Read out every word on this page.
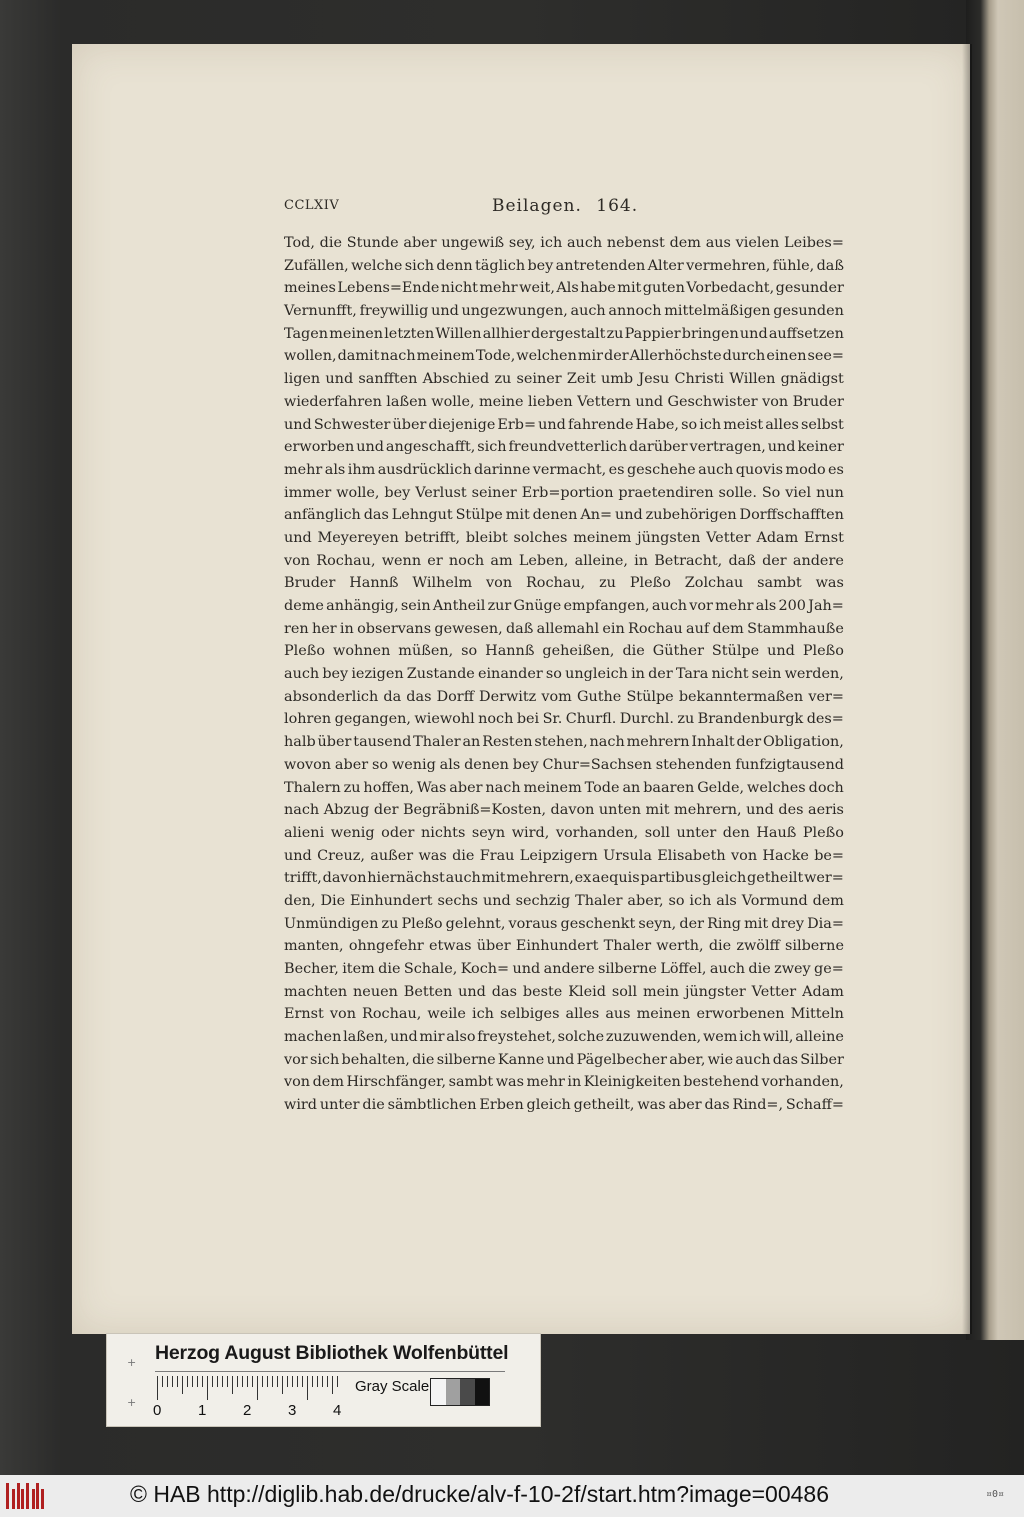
CCLXIV	Beilagen. 164.
Tod, die Stunde aber ungewiß sey, ich auch nebenst dem aus vielen Leibes=
Zufällen, welche sich denn täglich bey antretenden Alter vermehren, fühle, daß
meines Lebens=Ende nicht mehr weit, Als habe mit guten Vorbedacht, gesunder
Vernunfft, freywillig und ungezwungen, auch annoch mittelmäßigen gesunden
Tagen meinen letzten Willen allhier dergestalt zu Pappier bringen und auffsetzen
wollen, damit nach meinem Tode, welchen mir der Allerhöchste durch einen see=
ligen und sanfften Abschied zu seiner Zeit umb Jesu Christi Willen gnädigst
wiederfahren laßen wolle, meine lieben Vettern und Geschwister von Bruder
und Schwester über diejenige Erb= und fahrende Habe, so ich meist alles selbst
erworben und angeschafft, sich freundvetterlich darüber vertragen, und keiner
mehr als ihm ausdrücklich darinne vermacht, es geschehe auch quovis modo es
immer wolle, bey Verlust seiner Erb=portion praetendiren solle. So viel nun
anfänglich das Lehngut Stülpe mit denen An= und zubehörigen Dorffschafften
und Meyereyen betrifft, bleibt solches meinem jüngsten Vetter Adam Ernst
von Rochau, wenn er noch am Leben, alleine, in Betracht, daß der andere
Bruder Hannß Wilhelm von Rochau, zu Pleßo Zolchau sambt was
deme anhängig, sein Antheil zur Gnüge empfangen, auch vor mehr als 200 Jah=
ren her in observans gewesen, daß allemahl ein Rochau auf dem Stammhauße
Pleßo wohnen müßen, so Hannß geheißen, die Güther Stülpe und Pleßo
auch bey iezigen Zustande einander so ungleich in der Tara nicht sein werden,
absonderlich da das Dorff Derwitz vom Guthe Stülpe bekanntermaßen ver=
lohren gegangen, wiewohl noch bei Sr. Churfl. Durchl. zu Brandenburgk des=
halb über tausend Thaler an Resten stehen, nach mehrern Inhalt der Obligation,
wovon aber so wenig als denen bey Chur=Sachsen stehenden funfzigtausend
Thalern zu hoffen, Was aber nach meinem Tode an baaren Gelde, welches doch
nach Abzug der Begräbniß=Kosten, davon unten mit mehrern, und des aeris
alieni wenig oder nichts seyn wird, vorhanden, soll unter den Hauß Pleßo
und Creuz, außer was die Frau Leipzigern Ursula Elisabeth von Hacke be=
trifft, davon hiernächst auch mit mehrern, ex aequis partibus gleich getheilt wer=
den, Die Einhundert sechs und sechzig Thaler aber, so ich als Vormund dem
Unmündigen zu Pleßo gelehnt, voraus geschenkt seyn, der Ring mit drey Dia=
manten, ohngefehr etwas über Einhundert Thaler werth, die zwölff silberne
Becher, item die Schale, Koch= und andere silberne Löffel, auch die zwey ge=
machten neuen Betten und das beste Kleid soll mein jüngster Vetter Adam
Ernst von Rochau, weile ich selbiges alles aus meinen erworbenen Mitteln
machen laßen, und mir also freystehet, solche zuzuwenden, wem ich will, alleine
vor sich behalten, die silberne Kanne und Pägelbecher aber, wie auch das Silber
von dem Hirschfänger, sambt was mehr in Kleinigkeiten bestehend vorhanden,
wird unter die sämbtlichen Erben gleich getheilt, was aber das Rind=, Schaff=
+
+
Herzog August Bibliothek Wolfenbüttel
0 1 2 3 4
Gray Scale
© HAB http://diglib.hab.de/drucke/alv-f-10-2f/start.htm?image=00486	¤0¤
